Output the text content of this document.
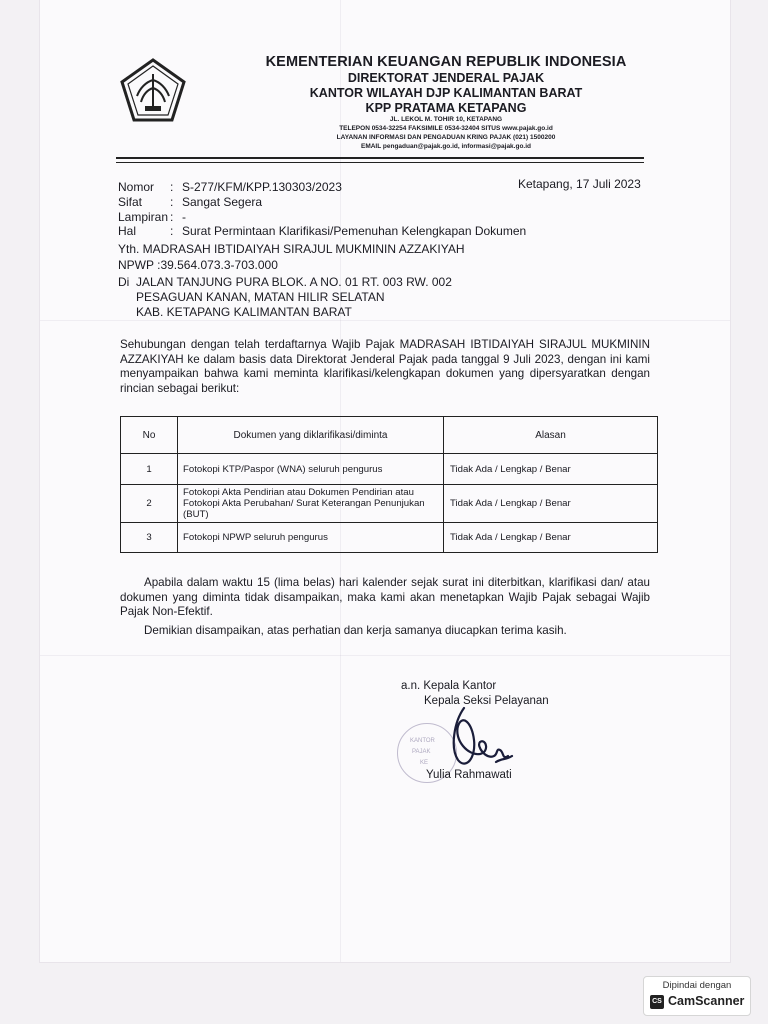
KEMENTERIAN KEUANGAN REPUBLIK INDONESIA
DIREKTORAT JENDERAL PAJAK
KANTOR WILAYAH DJP KALIMANTAN BARAT
KPP PRATAMA KETAPANG
JL. LEKOL M. TOHIR 10, KETAPANG
TELEPON 0534-32254 FAKSIMILE 0534-32404 SITUS www.pajak.go.id
LAYANAN INFORMASI DAN PENGADUAN KRING PAJAK (021) 1500200
EMAIL pengaduan@pajak.go.id, informasi@pajak.go.id
Nomor : S-277/KFM/KPP.130303/2023
Sifat : Sangat Segera
Lampiran : -
Hal	: Surat Permintaan Klarifikasi/Pemenuhan Kelengkapan Dokumen
Ketapang, 17 Juli 2023
Yth. MADRASAH IBTIDAIYAH SIRAJUL MUKMININ AZZAKIYAH
NPWP :39.564.073.3-703.000
Di JALAN TANJUNG PURA BLOK. A NO. 01 RT. 003 RW. 002
PESAGUAN KANAN, MATAN HILIR SELATAN
KAB. KETAPANG KALIMANTAN BARAT
Sehubungan dengan telah terdaftarnya Wajib Pajak MADRASAH IBTIDAIYAH SIRAJUL MUKMININ AZZAKIYAH ke dalam basis data Direktorat Jenderal Pajak pada tanggal 9 Juli 2023, dengan ini kami menyampaikan bahwa kami meminta klarifikasi/kelengkapan dokumen yang dipersyaratkan dengan rincian sebagai berikut:
No	Dokumen yang diklarifikasi/diminta	Alasan
1	Fotokopi KTP/Paspor (WNA) seluruh pengurus	Tidak Ada / Lengkap / Benar
2	Fotokopi Akta Pendirian atau Dokumen Pendirian atau Fotokopi Akta Perubahan/ Surat Keterangan Penunjukan (BUT)	Tidak Ada / Lengkap / Benar
3	Fotokopi NPWP seluruh pengurus	Tidak Ada / Lengkap / Benar
Apabila dalam waktu 15 (lima belas) hari kalender sejak surat ini diterbitkan, klarifikasi dan/ atau dokumen yang diminta tidak disampaikan, maka kami akan menetapkan Wajib Pajak sebagai Wajib Pajak Non-Efektif.
Demikian disampaikan, atas perhatian dan kerja samanya diucapkan terima kasih.
a.n. Kepala Kantor
Kepala Seksi Pelayanan
KANTOR
PAJAK
KE
Yulia Rahmawati
Dipindai dengan
CS CamScanner
